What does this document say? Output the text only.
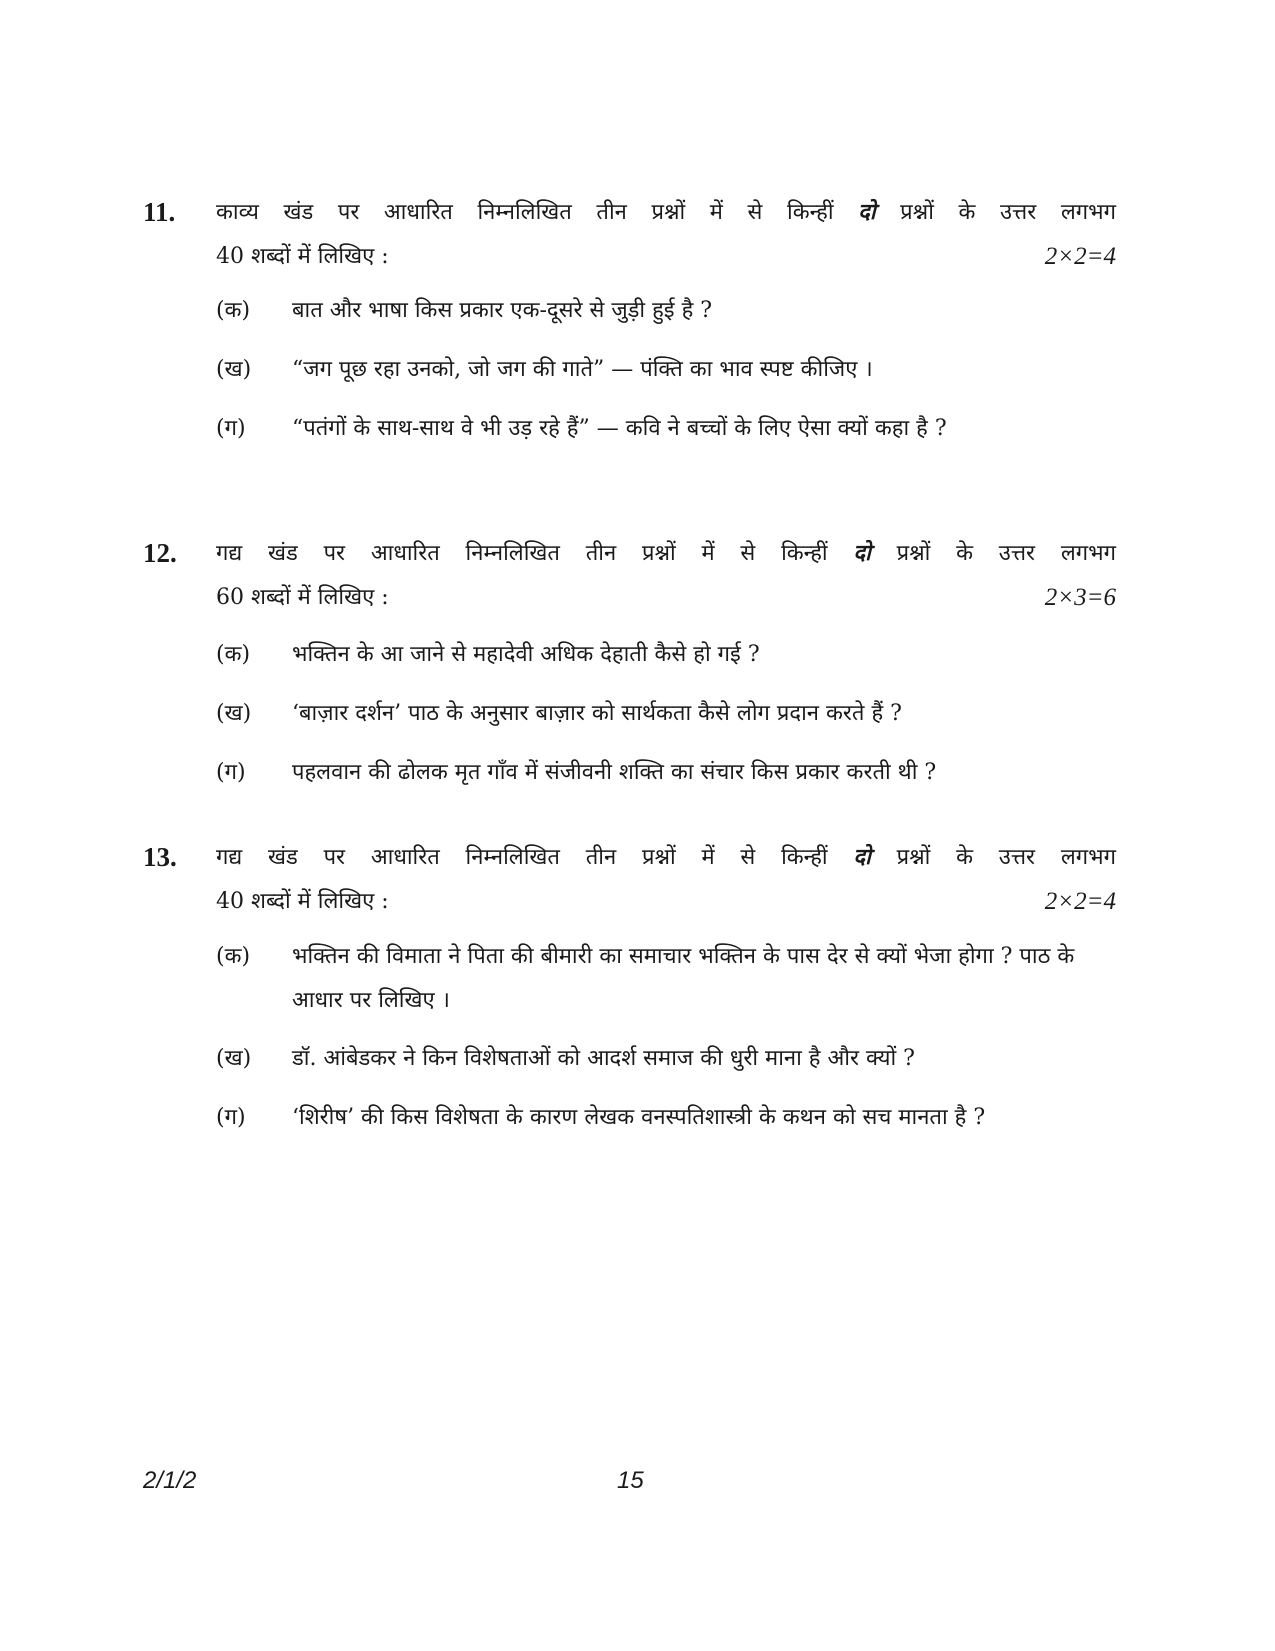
11. काव्य खंड पर आधारित निम्नलिखित तीन प्रश्नों में से किन्हीं दो प्रश्नों के उत्तर लगभग
40 शब्दों में लिखिए :	2×2=4
(क) बात और भाषा किस प्रकार एक-दूसरे से जुड़ी हुई है ?
(ख) “जग पूछ रहा उनको, जो जग की गाते” — पंक्ति का भाव स्पष्ट कीजिए ।
(ग) “पतंगों के साथ-साथ वे भी उड़ रहे हैं” — कवि ने बच्चों के लिए ऐसा क्यों कहा है ?
12. गद्य खंड पर आधारित निम्नलिखित तीन प्रश्नों में से किन्हीं दो प्रश्नों के उत्तर लगभग
60 शब्दों में लिखिए :	2×3=6
(क) भक्तिन के आ जाने से महादेवी अधिक देहाती कैसे हो गई ?
(ख) ‘बाज़ार दर्शन’ पाठ के अनुसार बाज़ार को सार्थकता कैसे लोग प्रदान करते हैं ?
(ग) पहलवान की ढोलक मृत गाँव में संजीवनी शक्ति का संचार किस प्रकार करती थी ?
13. गद्य खंड पर आधारित निम्नलिखित तीन प्रश्नों में से किन्हीं दो प्रश्नों के उत्तर लगभग
40 शब्दों में लिखिए :	2×2=4
(क) भक्तिन की विमाता ने पिता की बीमारी का समाचार भक्तिन के पास देर से क्यों भेजा होगा ? पाठ के आधार पर लिखिए ।
(ख) डॉ. आंबेडकर ने किन विशेषताओं को आदर्श समाज की धुरी माना है और क्यों ?
(ग) ‘शिरीष’ की किस विशेषता के कारण लेखक वनस्पतिशास्त्री के कथन को सच मानता है ?
2/1/2	15
